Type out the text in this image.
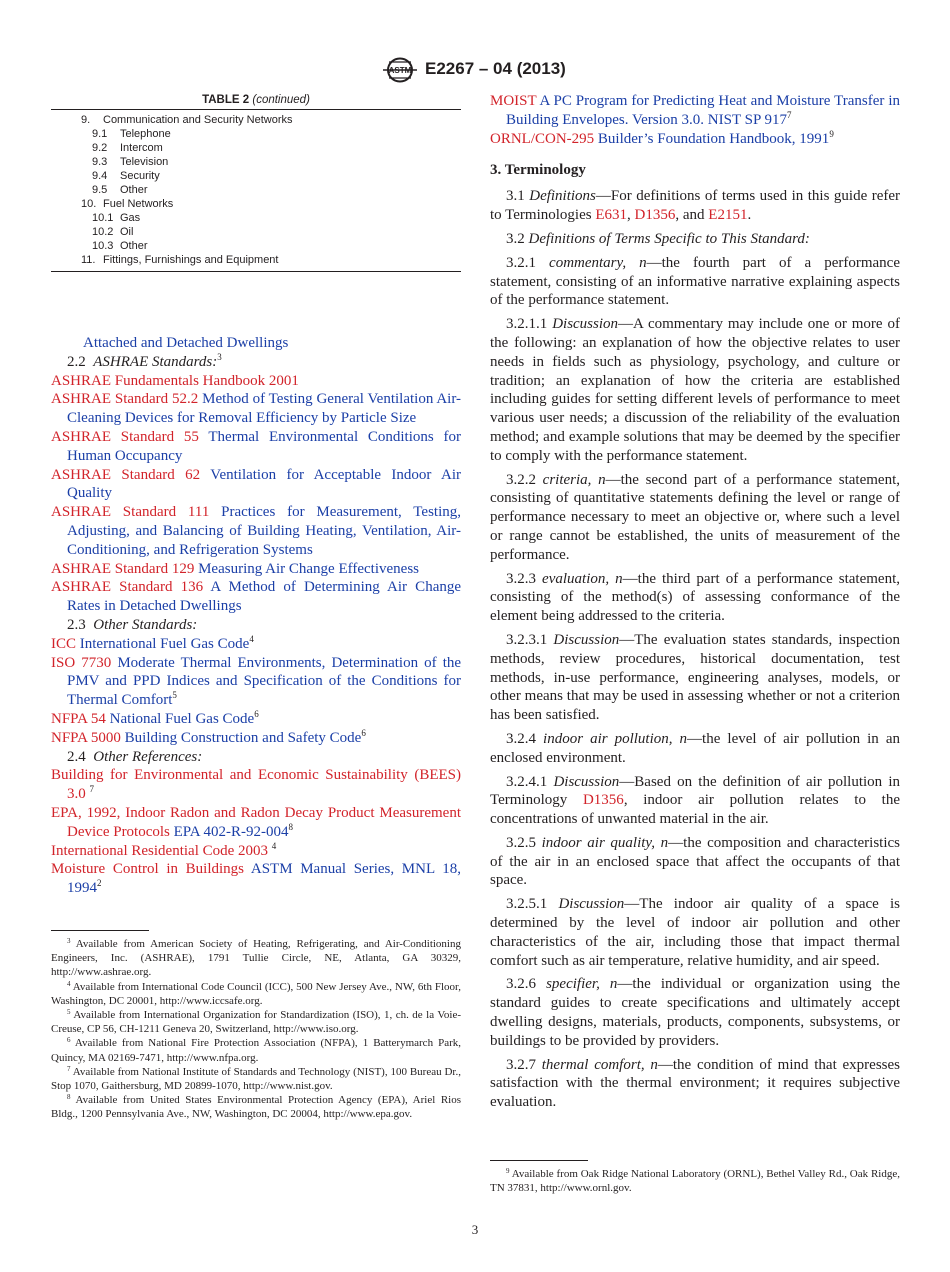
ASTM E2267 – 04 (2013)
TABLE 2 (continued)
9. Communication and Security Networks
9.1 Telephone
9.2 Intercom
9.3 Television
9.4 Security
9.5 Other
10. Fuel Networks
10.1 Gas
10.2 Oil
10.3 Other
11. Fittings, Furnishings and Equipment
Attached and Detached Dwellings
2.2 ASHRAE Standards:$^3$
ASHRAE Fundamentals Handbook 2001
ASHRAE Standard 52.2 Method of Testing General Ventilation Air-Cleaning Devices for Removal Efficiency by Particle Size
ASHRAE Standard 55 Thermal Environmental Conditions for Human Occupancy
ASHRAE Standard 62 Ventilation for Acceptable Indoor Air Quality
ASHRAE Standard 111 Practices for Measurement, Testing, Adjusting, and Balancing of Building Heating, Ventilation, Air-Conditioning, and Refrigeration Systems
ASHRAE Standard 129 Measuring Air Change Effectiveness
ASHRAE Standard 136 A Method of Determining Air Change Rates in Detached Dwellings
2.3 Other Standards:
ICC International Fuel Gas Code$^4$
ISO 7730 Moderate Thermal Environments, Determination of the PMV and PPD Indices and Specification of the Conditions for Thermal Comfort$^5$
NFPA 54 National Fuel Gas Code$^6$
NFPA 5000 Building Construction and Safety Code$^6$
2.4 Other References:
Building for Environmental and Economic Sustainability (BEES) 3.0 $^7$
EPA, 1992, Indoor Radon and Radon Decay Product Measurement Device Protocols EPA $402-R-92-004^8$
International Residential Code 2003 $^4$
Moisture Control in Buildings ASTM Manual Series, MNL 18, 1994$^2$
$^3$ Available from American Society of Heating, Refrigerating, and Air-Conditioning Engineers, Inc. (ASHRAE), 1791 Tullie Circle, NE, Atlanta, GA 30329, http://www.ashrae.org.
$^4$ Available from International Code Council (ICC), 500 New Jersey Ave., NW, 6th Floor, Washington, DC 20001, http://www.iccsafe.org.
$^5$ Available from International Organization for Standardization (ISO), 1, ch. de la Voie-Creuse, CP 56, CH-1211 Geneva 20, Switzerland, http://www.iso.org.
$^6$ Available from National Fire Protection Association (NFPA), 1 Batterymarch Park, Quincy, MA 02169-7471, http://www.nfpa.org.
$^7$ Available from National Institute of Standards and Technology (NIST), 100 Bureau Dr., Stop 1070, Gaithersburg, MD 20899-1070, http://www.nist.gov.
$^8$ Available from United States Environmental Protection Agency (EPA), Ariel Rios Bldg., 1200 Pennsylvania Ave., NW, Washington, DC 20004, http://www.epa.gov.
MOIST A PC Program for Predicting Heat and Moisture Transfer in Building Envelopes. Version 3.0. NIST SP $917^7$
ORNL/CON-295 Builder’s Foundation Handbook, 1991$^9$
3. Terminology
3.1 Definitions—For definitions of terms used in this guide refer to Terminologies E631, D1356, and E2151.
3.2 Definitions of Terms Specific to This Standard:
3.2.1 commentary, n—the fourth part of a performance statement, consisting of an informative narrative explaining aspects of the performance statement.
3.2.1.1 Discussion—A commentary may include one or more of the following: an explanation of how the objective relates to user needs in fields such as physiology, psychology, and culture or tradition; an explanation of how the criteria are established including guides for setting different levels of performance to meet various user needs; a discussion of the reliability of the evaluation method; and example solutions that may be deemed by the specifier to comply with the performance statement.
3.2.2 criteria, n—the second part of a performance statement, consisting of quantitative statements defining the level or range of performance necessary to meet an objective or, where such a level or range cannot be established, the units of measurement of the performance.
3.2.3 evaluation, n—the third part of a performance statement, consisting of the method(s) of assessing conformance of the element being addressed to the criteria.
3.2.3.1 Discussion—The evaluation states standards, inspection methods, review procedures, historical documentation, test methods, in-use performance, engineering analyses, models, or other means that may be used in assessing whether or not a criterion has been satisfied.
3.2.4 indoor air pollution, n—the level of air pollution in an enclosed environment.
3.2.4.1 Discussion—Based on the definition of air pollution in Terminology D1356, indoor air pollution relates to the concentrations of unwanted material in the air.
3.2.5 indoor air quality, n—the composition and characteristics of the air in an enclosed space that affect the occupants of that space.
3.2.5.1 Discussion—The indoor air quality of a space is determined by the level of indoor air pollution and other characteristics of the air, including those that impact thermal comfort such as air temperature, relative humidity, and air speed.
3.2.6 specifier, n—the individual or organization using the standard guides to create specifications and ultimately accept dwelling designs, materials, products, components, subsystems, or buildings to be provided by providers.
3.2.7 thermal comfort, n—the condition of mind that expresses satisfaction with the thermal environment; it requires subjective evaluation.
$^9$ Available from Oak Ridge National Laboratory (ORNL), Bethel Valley Rd., Oak Ridge, TN 37831, http://www.ornl.gov.
3
